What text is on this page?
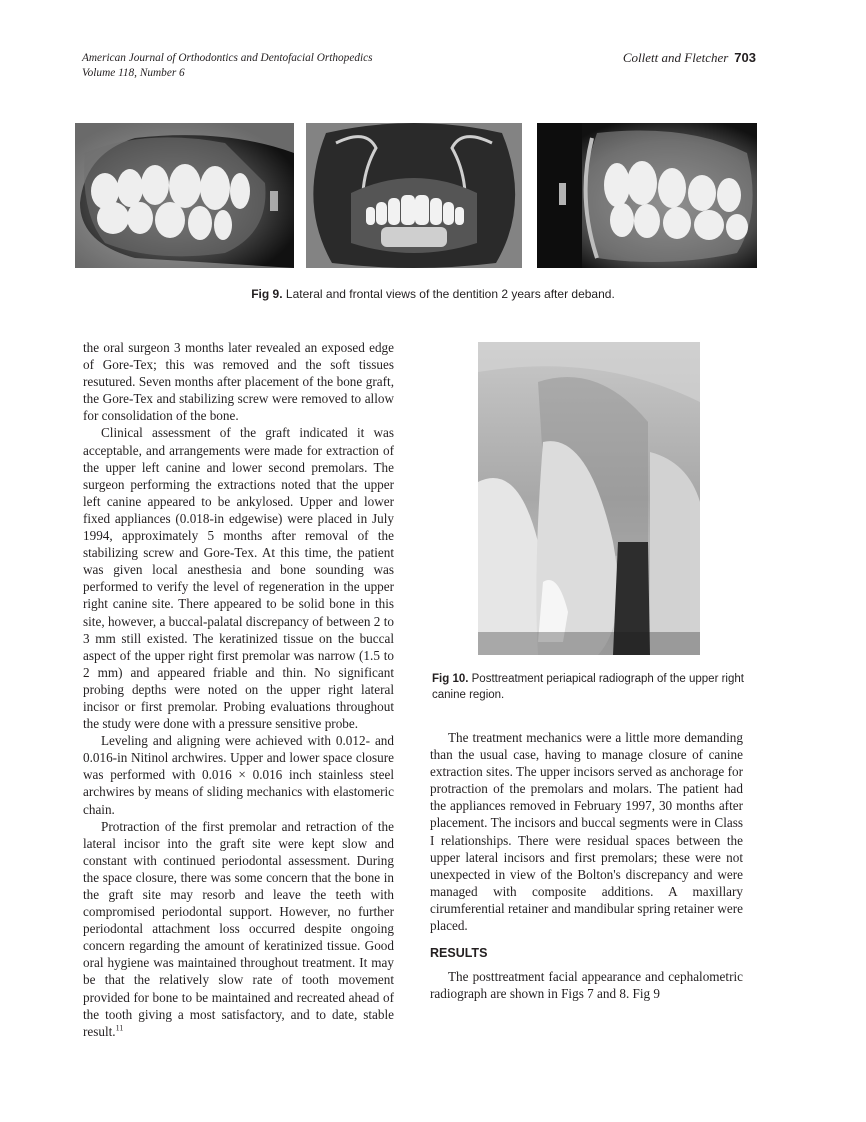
American Journal of Orthodontics and Dentofacial Orthopedics
Volume 118, Number 6
Collett and Fletcher 703
Fig 9. Lateral and frontal views of the dentition 2 years after deband.

the oral surgeon 3 months later revealed an exposed edge of Gore-Tex; this was removed and the soft tissues resutured. Seven months after placement of the bone graft, the Gore-Tex and stabilizing screw were removed to allow for consolidation of the bone.

Clinical assessment of the graft indicated it was acceptable, and arrangements were made for extraction of the upper left canine and lower second premolars. The surgeon performing the extractions noted that the upper left canine appeared to be ankylosed. Upper and lower fixed appliances (0.018-in edgewise) were placed in July 1994, approximately 5 months after removal of the stabilizing screw and Gore-Tex. At this time, the patient was given local anesthesia and bone sounding was performed to verify the level of regeneration in the upper right canine site. There appeared to be solid bone in this site, however, a buccal-palatal discrepancy of between 2 to 3 mm still existed. The keratinized tissue on the buccal aspect of the upper right first premolar was narrow (1.5 to 2 mm) and appeared friable and thin. No significant probing depths were noted on the upper right lateral incisor or first premolar. Probing evaluations throughout the study were done with a pressure sensitive probe.

Leveling and aligning were achieved with 0.012- and 0.016-in Nitinol archwires. Upper and lower space closure was performed with 0.016 × 0.016 inch stainless steel archwires by means of sliding mechanics with elastomeric chain.

Protraction of the first premolar and retraction of the lateral incisor into the graft site were kept slow and constant with continued periodontal assessment. During the space closure, there was some concern that the bone in the graft site may resorb and leave the teeth with compromised periodontal support. However, no further periodontal attachment loss occurred despite ongoing concern regarding the amount of keratinized tissue. Good oral hygiene was maintained throughout treatment. It may be that the relatively slow rate of tooth movement provided for bone to be maintained and recreated ahead of the tooth giving a most satisfactory, and to date, stable result.$^{11}$

Fig 10. Posttreatment periapical radiograph of the upper right canine region.

The treatment mechanics were a little more demanding than the usual case, having to manage closure of canine extraction sites. The upper incisors served as anchorage for protraction of the premolars and molars. The patient had the appliances removed in February 1997, 30 months after placement. The incisors and buccal segments were in Class I relationships. There were residual spaces between the upper lateral incisors and first premolars; these were not unexpected in view of the Bolton's discrepancy and were managed with composite additions. A maxillary cirumferential retainer and mandibular spring retainer were placed.

RESULTS

The posttreatment facial appearance and cephalometric radiograph are shown in Figs 7 and 8. Fig 9
